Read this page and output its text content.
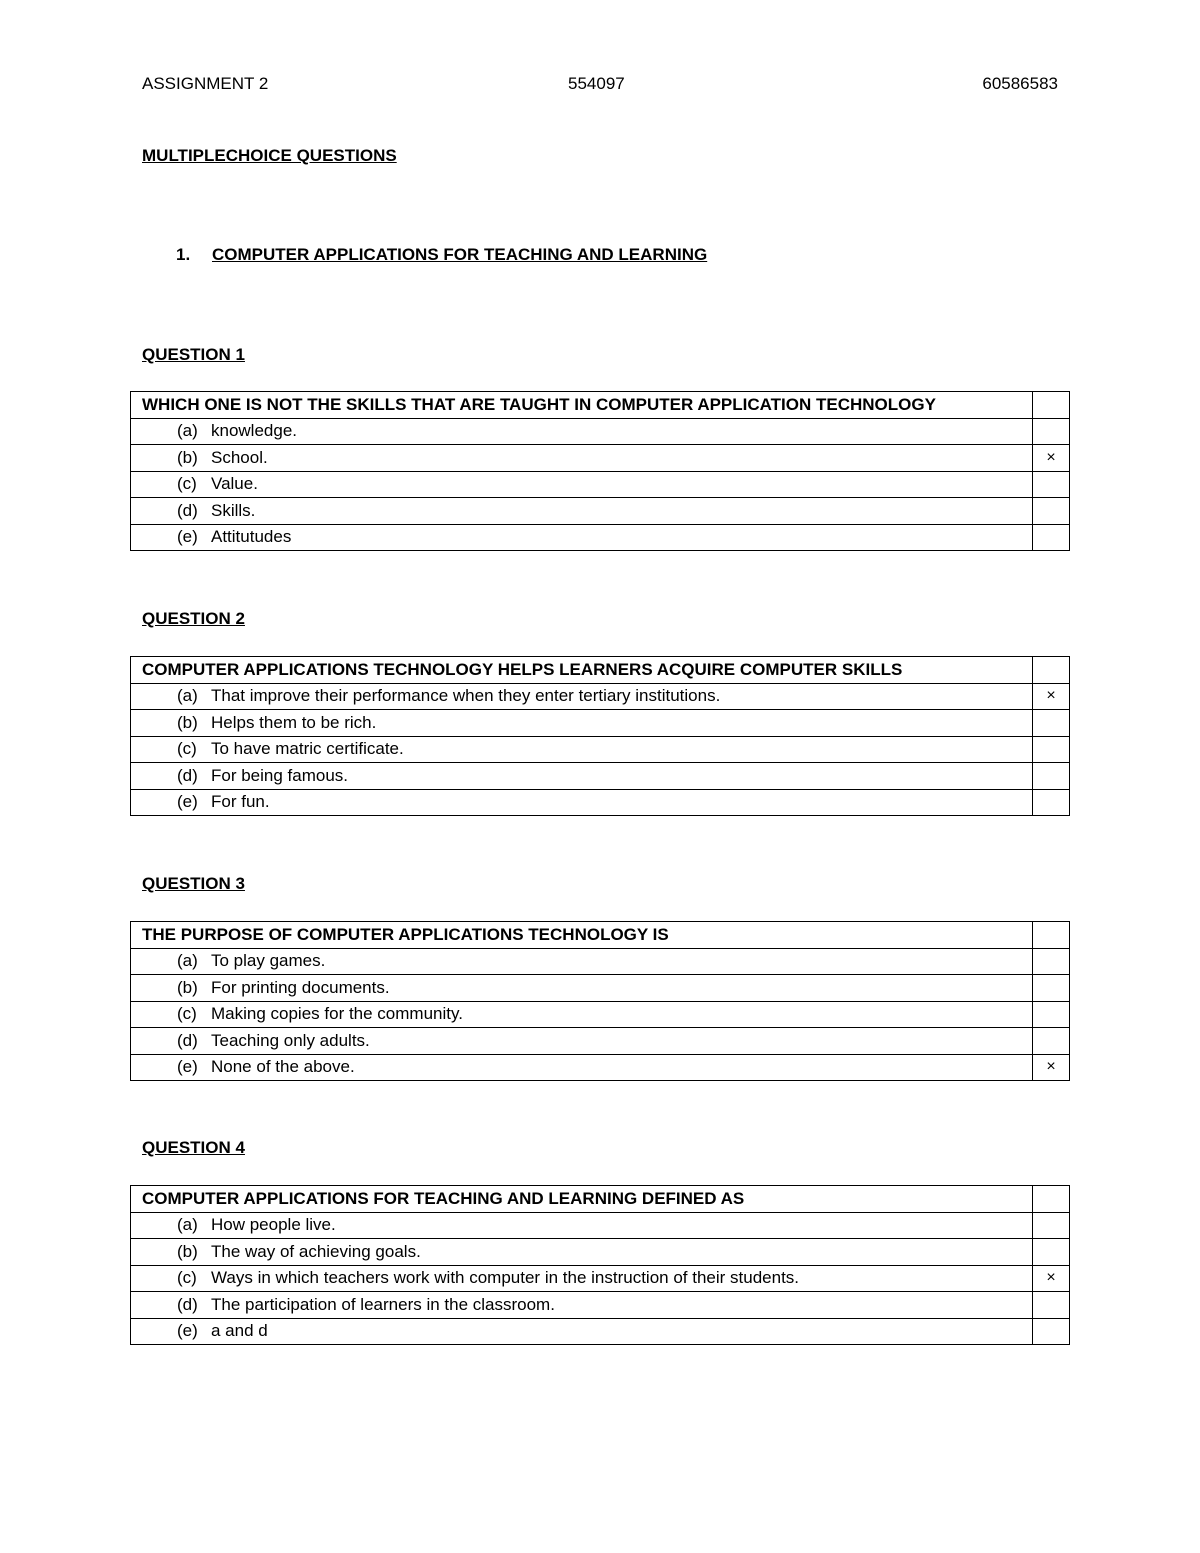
ASSIGNMENT 2	554097	60586583
MULTIPLECHOICE QUESTIONS
1. COMPUTER APPLICATIONS FOR TEACHING AND LEARNING
QUESTION 1
WHICH ONE IS NOT THE SKILLS THAT ARE TAUGHT IN COMPUTER APPLICATION TECHNOLOGY	
(a) knowledge.	
(b) School.	×
(c) Value.	
(d) Skills.	
(e) Attitutudes	
QUESTION 2
COMPUTER APPLICATIONS TECHNOLOGY HELPS LEARNERS ACQUIRE COMPUTER SKILLS	
(a) That improve their performance when they enter tertiary institutions.	×
(b) Helps them to be rich.	
(c) To have matric certificate.	
(d) For being famous.	
(e) For fun.	
QUESTION 3
THE PURPOSE OF COMPUTER APPLICATIONS TECHNOLOGY IS	
(a) To play games.	
(b) For printing documents.	
(c) Making copies for the community.	
(d) Teaching only adults.	
(e) None of the above.	×
QUESTION 4
COMPUTER APPLICATIONS FOR TEACHING AND LEARNING DEFINED AS	
(a) How people live.	
(b) The way of achieving goals.	
(c) Ways in which teachers work with computer in the instruction of their students.	×
(d) The participation of learners in the classroom.	
(e) a and d	
